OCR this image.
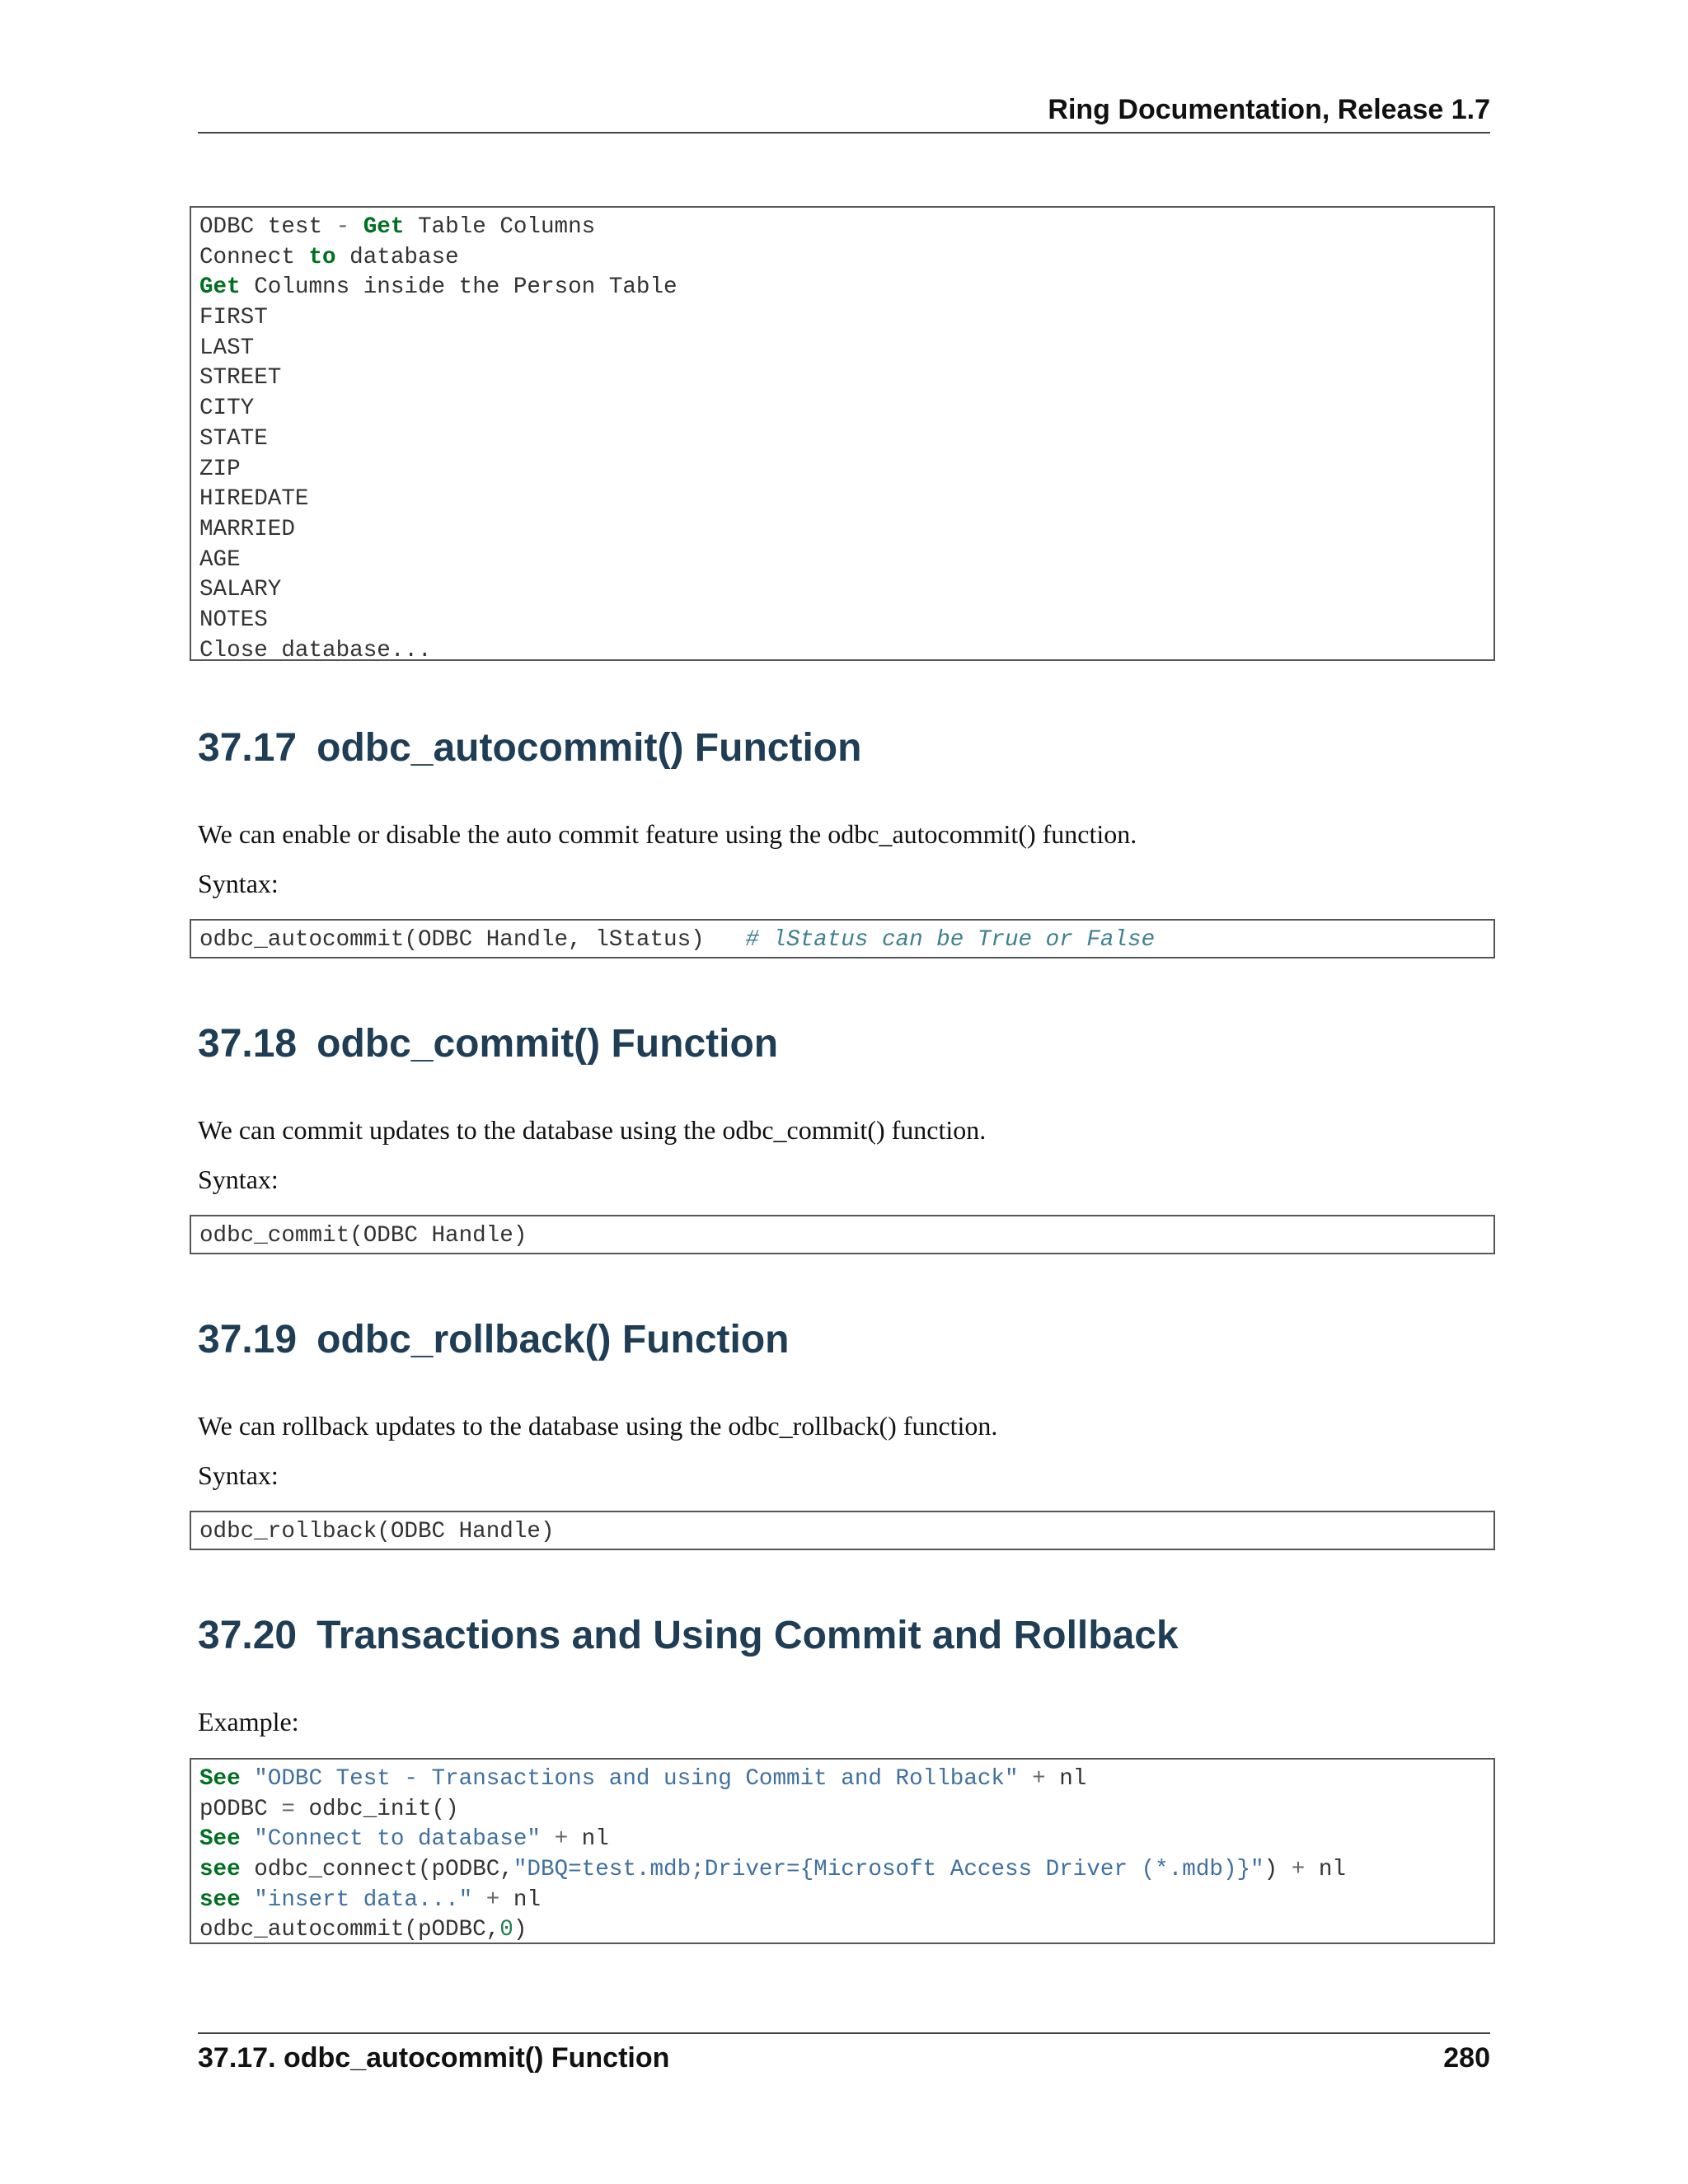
Ring Documentation, Release 1.7
ODBC test - Get Table Columns
Connect to database
Get Columns inside the Person Table
FIRST
LAST
STREET
CITY
STATE
ZIP
HIREDATE
MARRIED
AGE
SALARY
NOTES
Close database...
37.17 odbc_autocommit() Function
We can enable or disable the auto commit feature using the odbc_autocommit() function.
Syntax:
odbc_autocommit(ODBC Handle, lStatus)   # lStatus can be True or False
37.18 odbc_commit() Function
We can commit updates to the database using the odbc_commit() function.
Syntax:
odbc_commit(ODBC Handle)
37.19 odbc_rollback() Function
We can rollback updates to the database using the odbc_rollback() function.
Syntax:
odbc_rollback(ODBC Handle)
37.20 Transactions and Using Commit and Rollback
Example:
See "ODBC Test - Transactions and using Commit and Rollback" + nl
pODBC = odbc_init()
See "Connect to database" + nl
see odbc_connect(pODBC,"DBQ=test.mdb;Driver={Microsoft Access Driver (*.mdb)}") + nl
see "insert data..." + nl
odbc_autocommit(pODBC,0)
37.17. odbc_autocommit() Function	280
